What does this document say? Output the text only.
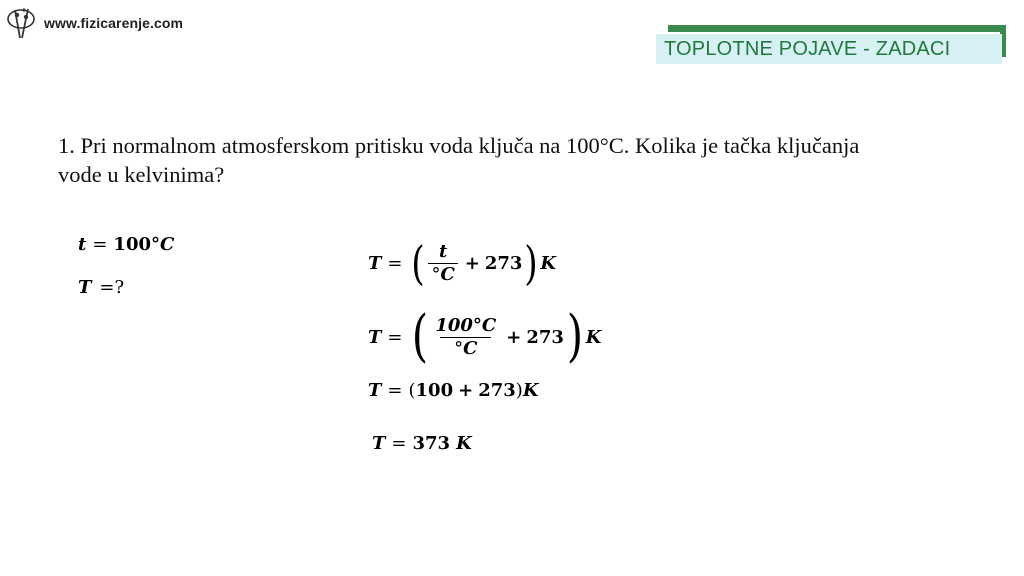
www.fizicarenje.com
TOPLOTNE POJAVE - ZADACI
1. Pri normalnom atmosferskom pritisku voda ključa na 100°C. Kolika je tačka ključanja
vode u kelvinima?
t = 100° C
T =?
T = ( $\frac{t}{^\circ C} + 273$ ) K
T = ( $\frac{100^\circ C}{^\circ C} + 273$ ) K
T = ( 100 + 273 ) K
T = 373 K
